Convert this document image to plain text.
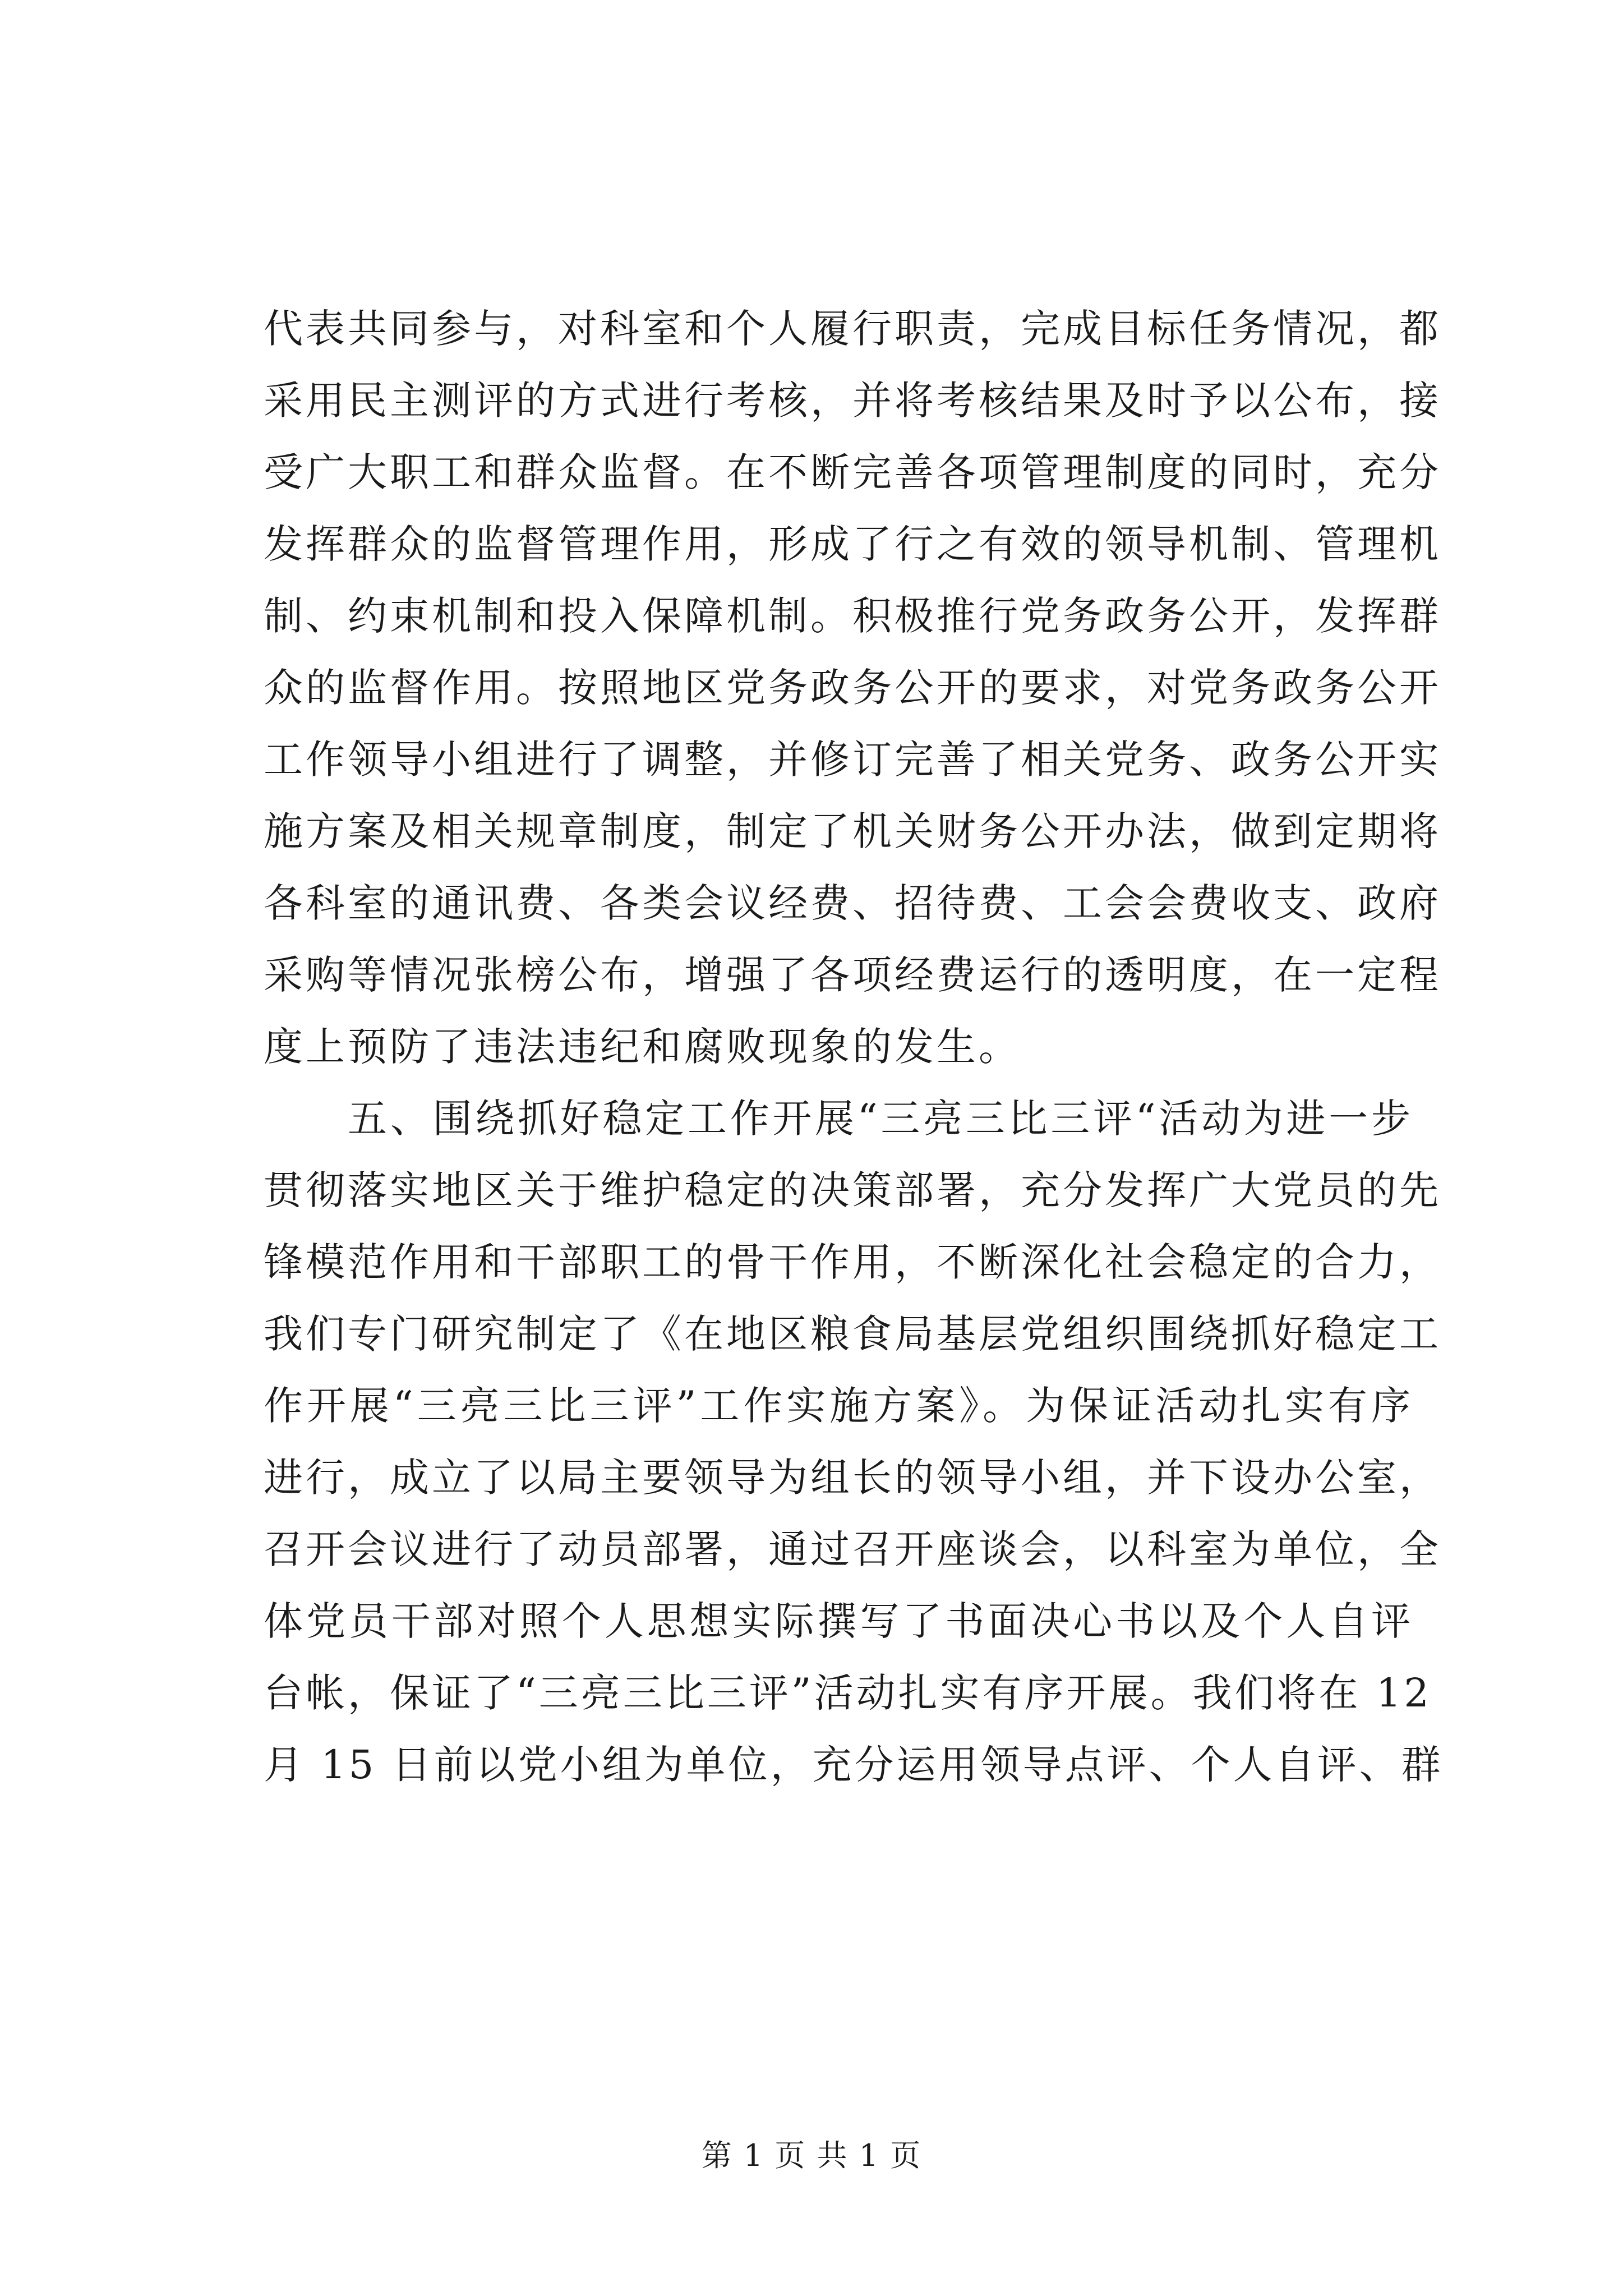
代表共同参与，对科室和个人履行职责，完成目标任务情况，都
采用民主测评的方式进行考核，并将考核结果及时予以公布，接
受广大职工和群众监督。在不断完善各项管理制度的同时，充分
发挥群众的监督管理作用，形成了行之有效的领导机制、管理机
制、约束机制和投入保障机制。积极推行党务政务公开，发挥群
众的监督作用。按照地区党务政务公开的要求，对党务政务公开
工作领导小组进行了调整，并修订完善了相关党务、政务公开实
施方案及相关规章制度，制定了机关财务公开办法，做到定期将
各科室的通讯费、各类会议经费、招待费、工会会费收支、政府
采购等情况张榜公布，增强了各项经费运行的透明度，在一定程
度上预防了违法违纪和腐败现象的发生。
五、围绕抓好稳定工作开展“三亮三比三评“活动为进一步
贯彻落实地区关于维护稳定的决策部署，充分发挥广大党员的先
锋模范作用和干部职工的骨干作用，不断深化社会稳定的合力，
我们专门研究制定了《在地区粮食局基层党组织围绕抓好稳定工
作开展“三亮三比三评”工作实施方案》。为保证活动扎实有序
进行，成立了以局主要领导为组长的领导小组，并下设办公室，
召开会议进行了动员部署，通过召开座谈会，以科室为单位，全
体党员干部对照个人思想实际撰写了书面决心书以及个人自评
台帐，保证了“三亮三比三评”活动扎实有序开展。我们将在 12
月 15 日前以党小组为单位，充分运用领导点评、个人自评、群
第 1 页 共 1 页
